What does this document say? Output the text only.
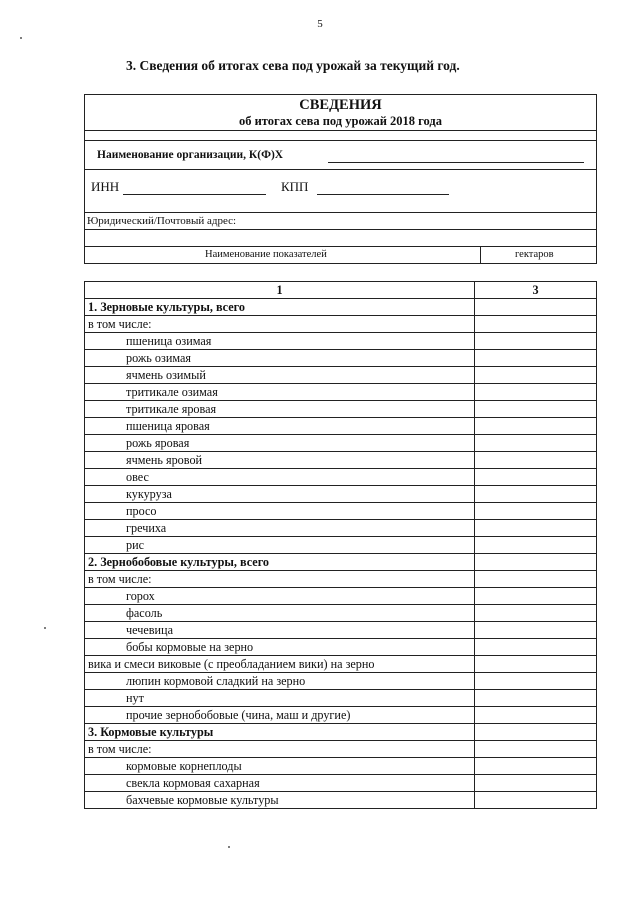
5
3. Сведения об итогах сева под урожай за текущий год.
СВЕДЕНИЯ
об итогах сева под урожай 2018 года
Наименование организации, К(Ф)Х
ИНН	КПП
Юридический/Почтовый адрес:
Наименование показателей	гектаров
1	3
1. Зерновые культуры, всего	
в том числе:	
пшеница озимая	
рожь озимая	
ячмень озимый	
тритикале озимая	
тритикале яровая	
пшеница яровая	
рожь яровая	
ячмень яровой	
овес	
кукуруза	
просо	
гречиха	
рис	
2. Зернобобовые культуры, всего	
в том числе:	
горох	
фасоль	
чечевица	
бобы кормовые на зерно	
вика и смеси виковые (с преобладанием вики) на зерно	
люпин кормовой сладкий на зерно	
нут	
прочие зернобобовые (чина, маш и другие)	
3. Кормовые культуры	
в том числе:	
кормовые корнеплоды	
свекла кормовая сахарная	
бахчевые кормовые культуры	
